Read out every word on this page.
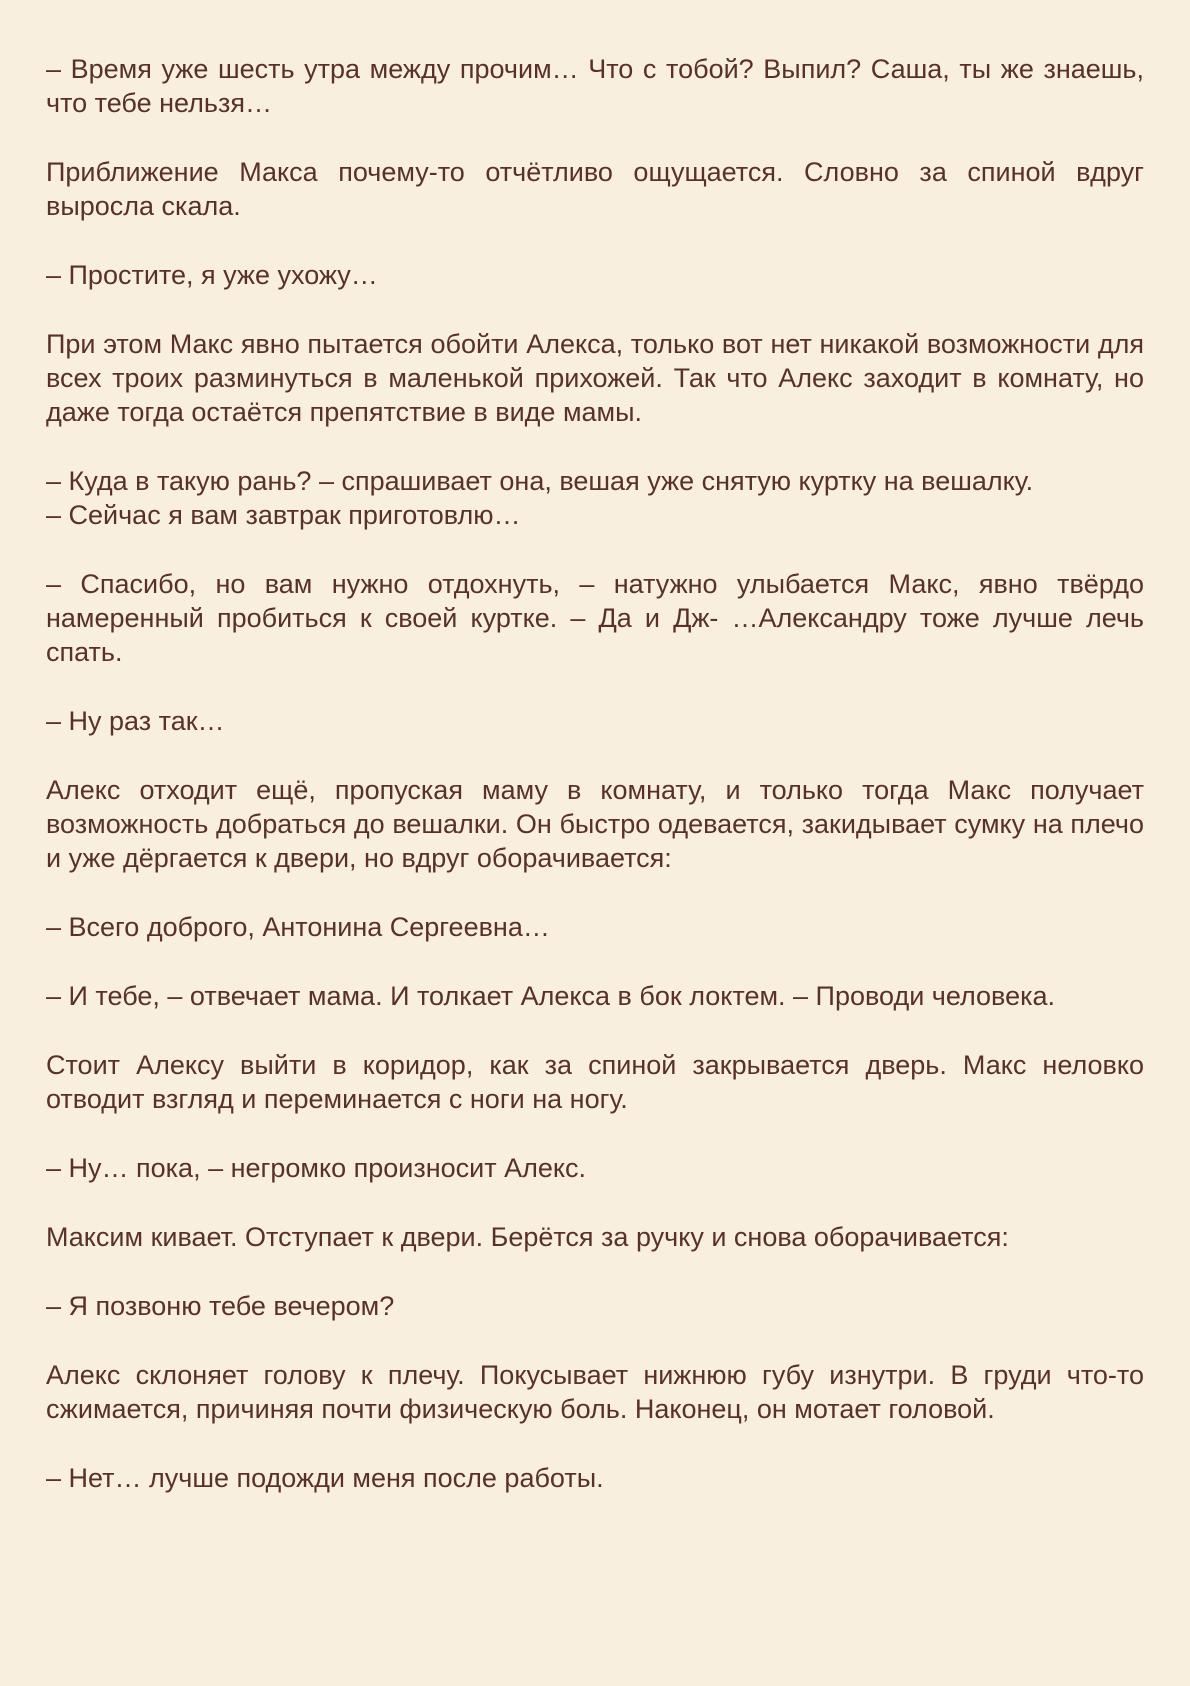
– Время уже шесть утра между прочим… Что с тобой? Выпил? Саша, ты же знаешь, что тебе нельзя…

Приближение Макса почему-то отчётливо ощущается. Словно за спиной вдруг выросла скала.

– Простите, я уже ухожу…

При этом Макс явно пытается обойти Алекса, только вот нет никакой возможности для всех троих разминуться в маленькой прихожей. Так что Алекс заходит в комнату, но даже тогда остаётся препятствие в виде мамы.

– Куда в такую рань? – спрашивает она, вешая уже снятую куртку на вешалку.
– Сейчас я вам завтрак приготовлю…

– Спасибо, но вам нужно отдохнуть, – натужно улыбается Макс, явно твёрдо намеренный пробиться к своей куртке. – Да и Дж- …Александру тоже лучше лечь спать.

– Ну раз так…

Алекс отходит ещё, пропуская маму в комнату, и только тогда Макс получает возможность добраться до вешалки. Он быстро одевается, закидывает сумку на плечо и уже дёргается к двери, но вдруг оборачивается:

– Всего доброго, Антонина Сергеевна…

– И тебе, – отвечает мама. И толкает Алекса в бок локтем. – Проводи человека.

Стоит Алексу выйти в коридор, как за спиной закрывается дверь. Макс неловко отводит взгляд и переминается с ноги на ногу.

– Ну… пока, – негромко произносит Алекс.

Максим кивает. Отступает к двери. Берётся за ручку и снова оборачивается:

– Я позвоню тебе вечером?

Алекс склоняет голову к плечу. Покусывает нижнюю губу изнутри. В груди что-то сжимается, причиняя почти физическую боль. Наконец, он мотает головой.

– Нет… лучше подожди меня после работы.
